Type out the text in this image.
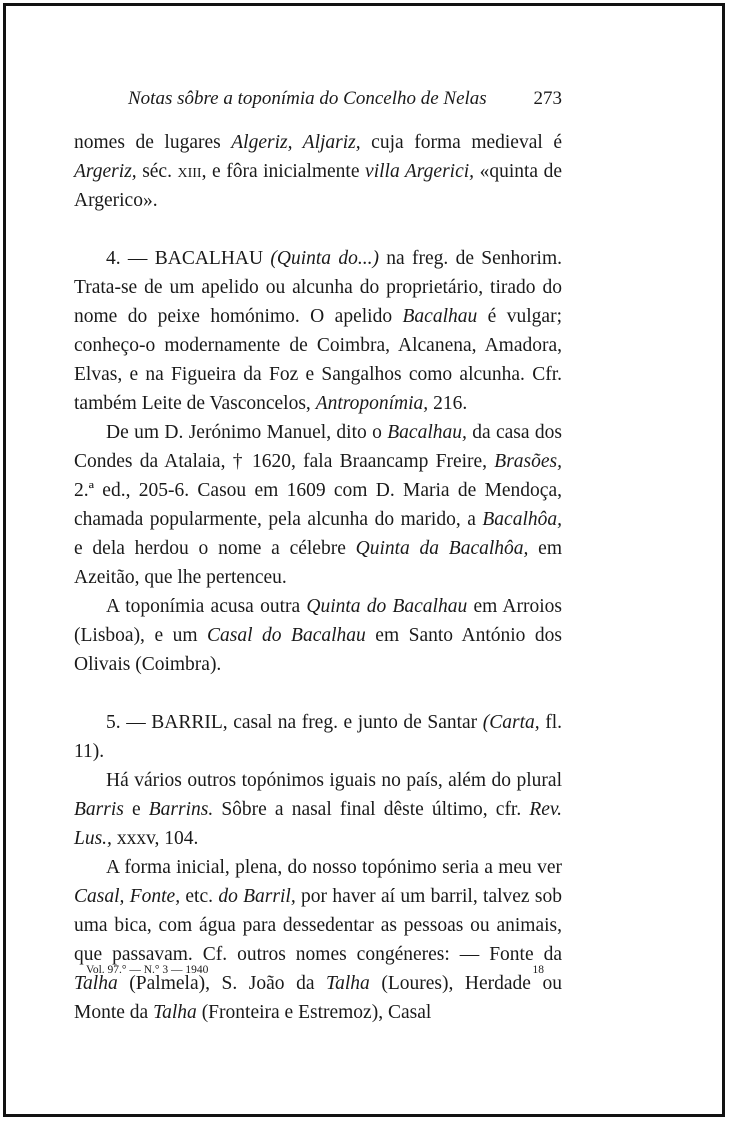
Notas sôbre a toponímia do Concelho de Nelas 273

nomes de lugares Algeriz, Aljariz, cuja forma medieval é Argeriz, séc. xiii, e fôra inicialmente villa Argerici, «quinta de Argerico».

4. — BACALHAU (Quinta do...) na freg. de Senhorim. Trata-se de um apelido ou alcunha do proprietário, tirado do nome do peixe homónimo. O apelido Bacalhau é vulgar; conheço-o modernamente de Coimbra, Alcanena, Amadora, Elvas, e na Figueira da Foz e Sangalhos como alcunha. Cfr. também Leite de Vasconcelos, Antroponímia, 216.

De um D. Jerónimo Manuel, dito o Bacalhau, da casa dos Condes da Atalaia, † 1620, fala Braancamp Freire, Brasões, 2.ª ed., 205-6. Casou em 1609 com D. Maria de Mendoça, chamada popularmente, pela alcunha do marido, a Bacalhôa, e dela herdou o nome a célebre Quinta da Bacalhôa, em Azeitão, que lhe pertenceu.

A toponímia acusa outra Quinta do Bacalhau em Arroios (Lisboa), e um Casal do Bacalhau em Santo António dos Olivais (Coimbra).

5. — BARRIL, casal na freg. e junto de Santar (Carta, fl. 11).

Há vários outros topónimos iguais no país, além do plural Barris e Barrins. Sôbre a nasal final dêste último, cfr. Rev. Lus., xxxv, 104.

A forma inicial, plena, do nosso topónimo seria a meu ver Casal, Fonte, etc. do Barril, por haver aí um barril, talvez sob uma bica, com água para dessedentar as pessoas ou animais, que passavam. Cf. outros nomes congéneres: — Fonte da Talha (Palmela), S. João da Talha (Loures), Herdade ou Monte da Talha (Fronteira e Estremoz), Casal

Vol. 97.° — N.° 3 — 1940	18
